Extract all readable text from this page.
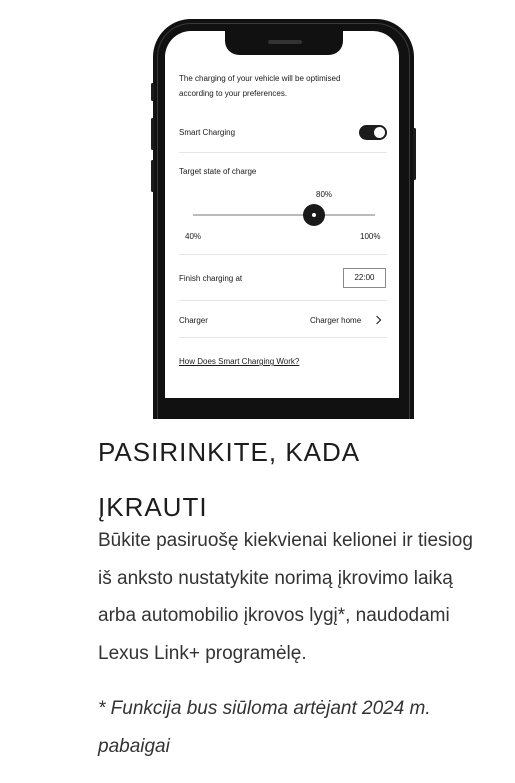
The charging of your vehicle will be optimised according to your preferences.
Smart Charging
Target state of charge
80%
40%	100%
Finish charging at	22:00
Charger	Charger home
How Does Smart Charging Work?
PASIRINKITE, KADA ĮKRAUTI
Būkite pasiruošę kiekvienai kelionei ir tiesiog iš anksto nustatykite norimą įkrovimo laiką arba automobilio įkrovos lygį*, naudodami Lexus Link+ programėlę.
* Funkcija bus siūloma artėjant 2024 m. pabaigai
